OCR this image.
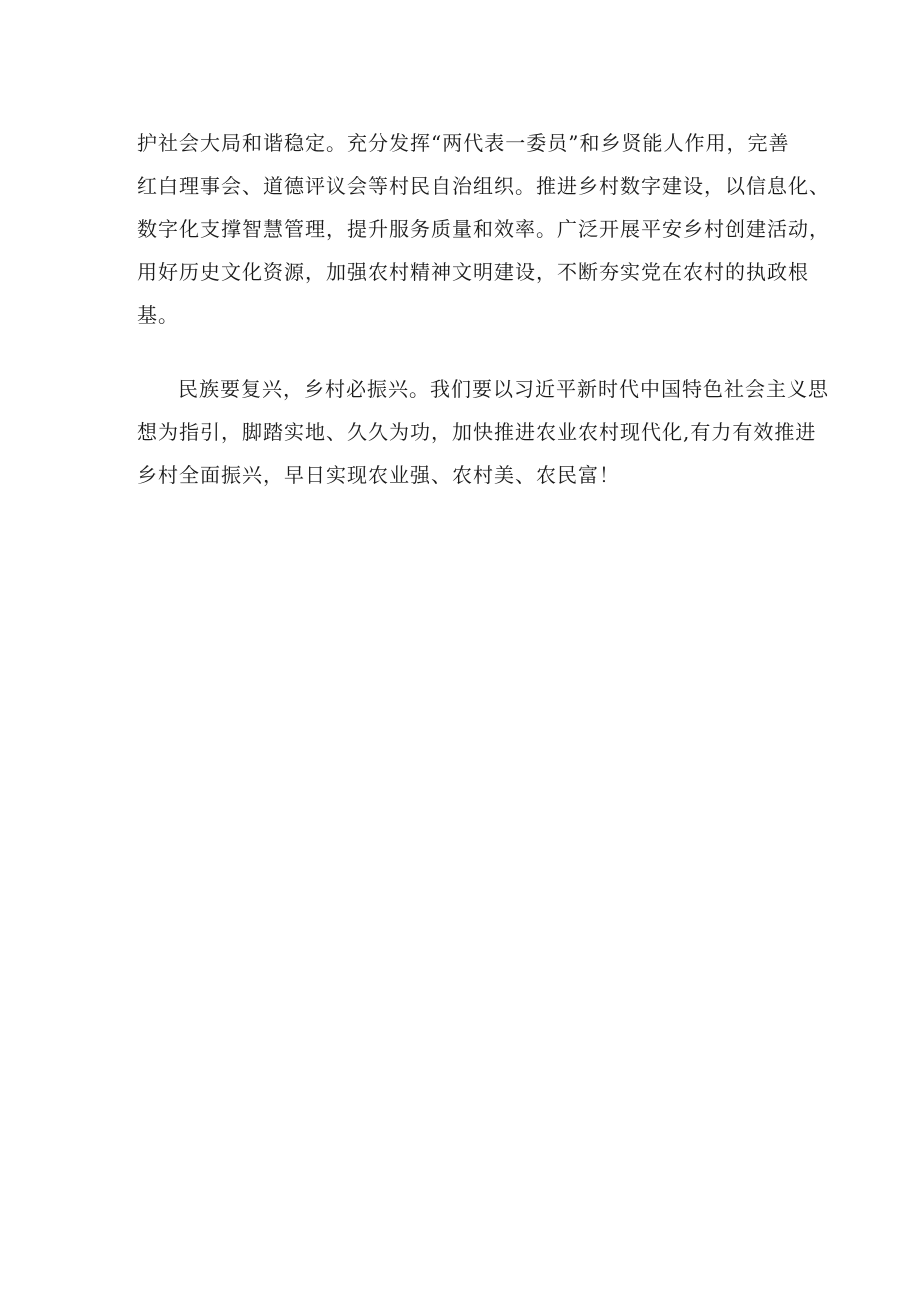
护社会大局和谐稳定。充分发挥“两代表一委员”和乡贤能人作用，完善
红白理事会、道德评议会等村民自治组织。推进乡村数字建设，以信息化、
数字化支撑智慧管理，提升服务质量和效率。广泛开展平安乡村创建活动，
用好历史文化资源，加强农村精神文明建设，不断夯实党在农村的执政根
基。
民族要复兴，乡村必振兴。我们要以习近平新时代中国特色社会主义思
想为指引，脚踏实地、久久为功，加快推进农业农村现代化,有力有效推进
乡村全面振兴，早日实现农业强、农村美、农民富！
